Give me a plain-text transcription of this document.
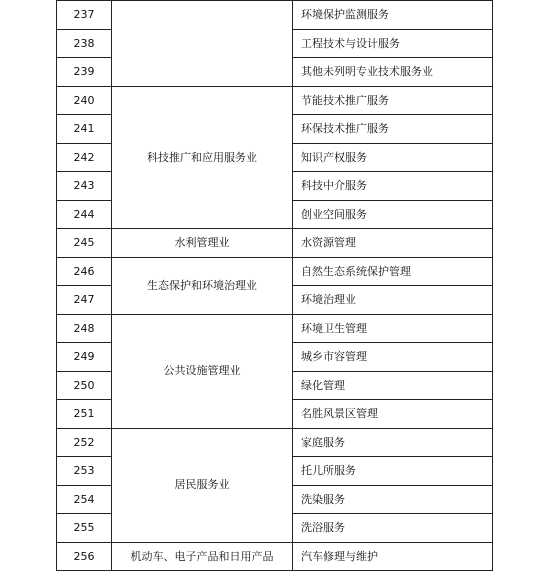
237		环境保护监测服务
238		工程技术与设计服务
239		其他未列明专业技术服务业
240	科技推广和应用服务业	节能技术推广服务
241		环保技术推广服务
242		知识产权服务
243		科技中介服务
244		创业空间服务
245	水利管理业	水资源管理
246	生态保护和环境治理业	自然生态系统保护管理
247		环境治理业
248	公共设施管理业	环境卫生管理
249		城乡市容管理
250		绿化管理
251		名胜风景区管理
252	居民服务业	家庭服务
253		托儿所服务
254		洗染服务
255		洗浴服务
256	机动车、电子产品和日用产品	汽车修理与维护
